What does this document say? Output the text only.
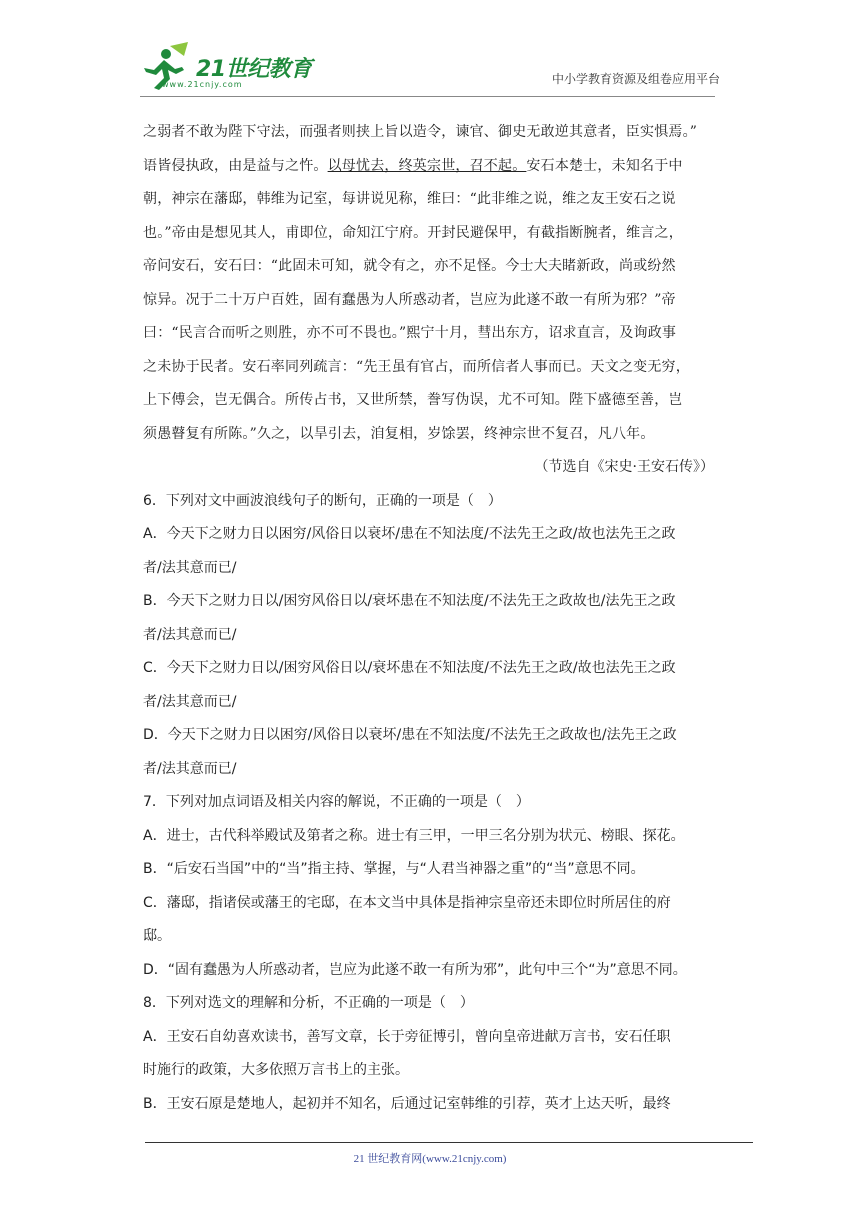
21世纪教育
www.21cnjy.com	中小学教育资源及组卷应用平台

之弱者不敢为陛下守法，而强者则挟上旨以造令，谏官、御史无敢逆其意者，臣实惧焉。”

语皆侵执政，由是益与之忤。以母忧去，终英宗世，召不起。安石本楚士，未知名于中

朝，神宗在藩邸，韩维为记室，每讲说见称，维曰：“此非维之说，维之友王安石之说

也。”帝由是想见其人，甫即位，命知江宁府。开封民避保甲，有截指断腕者，维言之，

帝问安石，安石曰：“此固未可知，就令有之，亦不足怪。今士大夫睹新政，尚或纷然

惊异。况于二十万户百姓，固有蠢愚为人所惑动者，岂应为此遂不敢一有所为邪？”帝

曰：“民言合而听之则胜，亦不可不畏也。”熙宁十月，彗出东方，诏求直言，及询政事

之未协于民者。安石率同列疏言：“先王虽有官占，而所信者人事而已。天文之变无穷，

上下傅会，岂无偶合。所传占书，又世所禁，誊写伪误，尤不可知。陛下盛德至善，岂

须愚瞽复有所陈。”久之，以旱引去，洎复相，岁馀罢，终神宗世不复召，凡八年。

（节选自《宋史·王安石传》）

6．下列对文中画波浪线句子的断句，正确的一项是（　）

A．今天下之财力日以困穷/风俗日以衰坏/患在不知法度/不法先王之政/故也法先王之政

者/法其意而已/

B．今天下之财力日以/困穷风俗日以/衰坏患在不知法度/不法先王之政故也/法先王之政

者/法其意而已/

C．今天下之财力日以/困穷风俗日以/衰坏患在不知法度/不法先王之政/故也法先王之政

者/法其意而已/

D．今天下之财力日以困穷/风俗日以衰坏/患在不知法度/不法先王之政故也/法先王之政

者/法其意而已/

7．下列对加点词语及相关内容的解说，不正确的一项是（　）

A．进士，古代科举殿试及第者之称。进士有三甲，一甲三名分别为状元、榜眼、探花。

B．“后安石当国”中的“当”指主持、掌握，与“人君当神器之重”的“当”意思不同。

C．藩邸，指诸侯或藩王的宅邸，在本文当中具体是指神宗皇帝还未即位时所居住的府

邸。

D．“固有蠢愚为人所惑动者，岂应为此遂不敢一有所为邪”，此句中三个“为”意思不同。

8．下列对选文的理解和分析，不正确的一项是（　）

A．王安石自幼喜欢读书，善写文章，长于旁征博引，曾向皇帝进献万言书，安石任职

时施行的政策，大多依照万言书上的主张。

B．王安石原是楚地人，起初并不知名，后通过记室韩维的引荐，英才上达天听，最终

21 世纪教育网(www.21cnjy.com)
